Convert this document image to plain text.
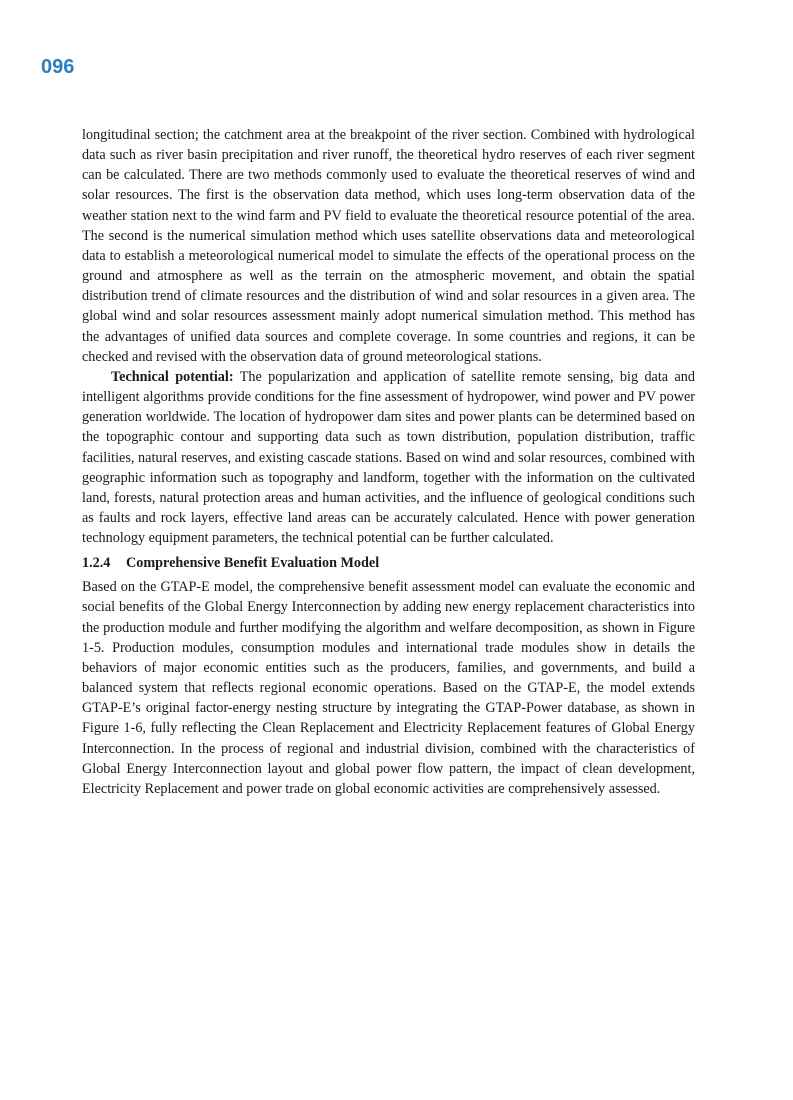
096

longitudinal section; the catchment area at the breakpoint of the river section. Combined with hydrological data such as river basin precipitation and river runoff, the theoretical hydro reserves of each river segment can be calculated. There are two methods commonly used to evaluate the theoretical reserves of wind and solar resources. The first is the observation data method, which uses long-term observation data of the weather station next to the wind farm and PV field to evaluate the theoretical resource potential of the area. The second is the numerical simulation method which uses satellite observations data and meteorological data to establish a meteorological numerical model to simulate the effects of the operational process on the ground and atmosphere as well as the terrain on the atmospheric movement, and obtain the spatial distribution trend of climate resources and the distribution of wind and solar resources in a given area. The global wind and solar resources assessment mainly adopt numerical simulation method. This method has the advantages of unified data sources and complete coverage. In some countries and regions, it can be checked and revised with the observation data of ground meteorological stations.

Technical potential: The popularization and application of satellite remote sensing, big data and intelligent algorithms provide conditions for the fine assessment of hydropower, wind power and PV power generation worldwide. The location of hydropower dam sites and power plants can be determined based on the topographic contour and supporting data such as town distribution, population distribution, traffic facilities, natural reserves, and existing cascade stations. Based on wind and solar resources, combined with geographic information such as topography and landform, together with the information on the cultivated land, forests, natural protection areas and human activities, and the influence of geological conditions such as faults and rock layers, effective land areas can be accurately calculated. Hence with power generation technology equipment parameters, the technical potential can be further calculated.

1.2.4 Comprehensive Benefit Evaluation Model

Based on the GTAP-E model, the comprehensive benefit assessment model can evaluate the economic and social benefits of the Global Energy Interconnection by adding new energy replacement characteristics into the production module and further modifying the algorithm and welfare decomposition, as shown in Figure 1-5. Production modules, consumption modules and international trade modules show in details the behaviors of major economic entities such as the producers, families, and governments, and build a balanced system that reflects regional economic operations. Based on the GTAP-E, the model extends GTAP-E’s original factor-energy nesting structure by integrating the GTAP-Power database, as shown in Figure 1-6, fully reflecting the Clean Replacement and Electricity Replacement features of Global Energy Interconnection. In the process of regional and industrial division, combined with the characteristics of Global Energy Interconnection layout and global power flow pattern, the impact of clean development, Electricity Replacement and power trade on global economic activities are comprehensively assessed.
